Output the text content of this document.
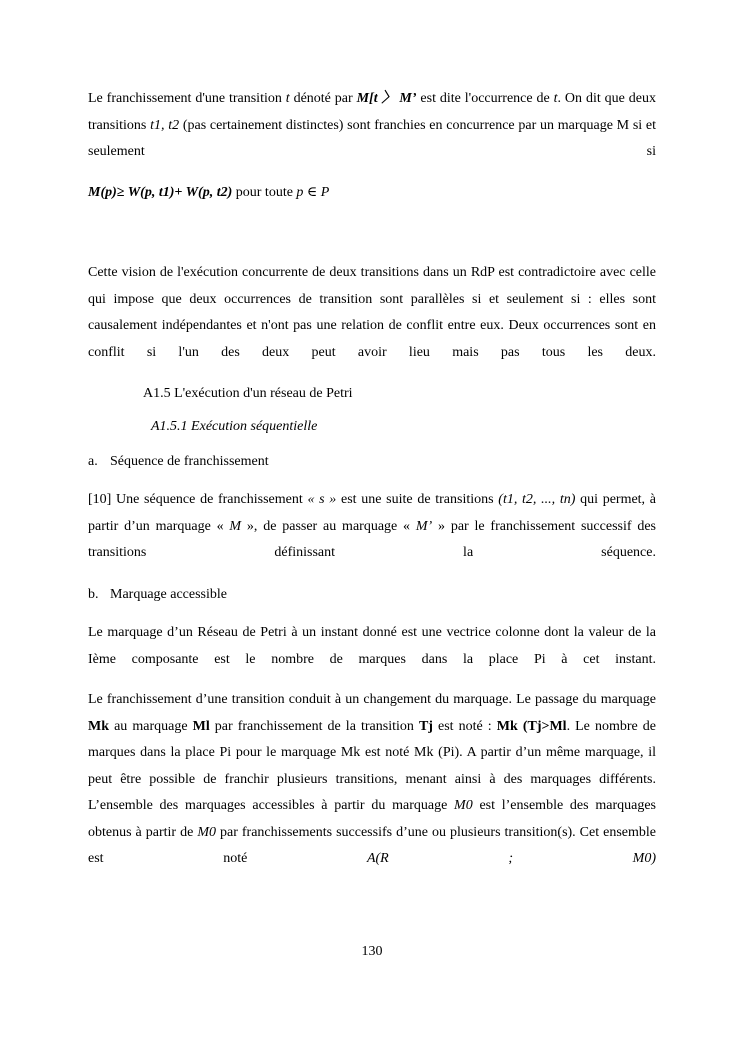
Le franchissement d'une transition t dénoté par M[t 〉 M’ est dite l'occurrence de t. On dit que deux transitions t1, t2 (pas certainement distinctes) sont franchies en concurrence par un marquage M si et seulement si

M(p)≥ W(p, t1)+ W(p, t2) pour toute p ∈ P

Cette vision de l'exécution concurrente de deux transitions dans un RdP est contradictoire avec celle qui impose que deux occurrences de transition sont parallèles si et seulement si : elles sont causalement indépendantes et n'ont pas une relation de conflit entre eux. Deux occurrences sont en conflit si l'un des deux peut avoir lieu mais pas tous les deux.

A1.5 L'exécution d'un réseau de Petri
A1.5.1 Exécution séquentielle
a. Séquence de franchissement

[10] Une séquence de franchissement « s » est une suite de transitions (t1, t2, ..., tn) qui permet, à partir d’un marquage « M », de passer au marquage « M’ » par le franchissement successif des transitions définissant la séquence.

b. Marquage accessible

Le marquage d’un Réseau de Petri à un instant donné est une vectrice colonne dont la valeur de la Ième composante est le nombre de marques dans la place Pi à cet instant.

Le franchissement d’une transition conduit à un changement du marquage. Le passage du marquage Mk au marquage Ml par franchissement de la transition Tj est noté : Mk (Tj>Ml. Le nombre de marques dans la place Pi pour le marquage Mk est noté Mk (Pi). A partir d’un même marquage, il peut être possible de franchir plusieurs transitions, menant ainsi à des marquages différents. L’ensemble des marquages accessibles à partir du marquage M0 est l’ensemble des marquages obtenus à partir de M0 par franchissements successifs d’une ou plusieurs transition(s). Cet ensemble est noté A(R ; M0)

130
